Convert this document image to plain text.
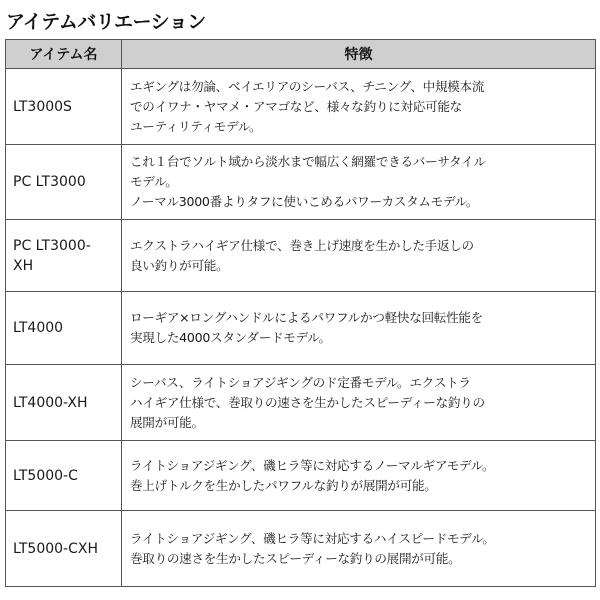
アイテムバリエーション
アイテム名	特徴
LT3000S	エギングは勿論、ベイエリアのシーバス、チニング、中規模本流
でのイワナ・ヤマメ・アマゴなど、様々な釣りに対応可能な
ユーティリティモデル。

PC LT3000	これ１台でソルト域から淡水まで幅広く網羅できるバーサタイル
モデル。
ノーマル3000番よりタフに使いこめるパワーカスタムモデル。

PC LT3000-
XH	エクストラハイギア仕様で、巻き上げ速度を生かした手返しの
良い釣りが可能。

LT4000	ローギア×ロングハンドルによるパワフルかつ軽快な回転性能を
実現した4000スタンダードモデル。

LT4000-XH	シーバス、ライトショアジギングのド定番モデル。エクストラ
ハイギア仕様で、巻取りの速さを生かしたスピーディーな釣りの
展開が可能。

LT5000-C	ライトショアジギング、磯ヒラ等に対応するノーマルギアモデル。
巻上げトルクを生かしたパワフルな釣りが展開が可能。

LT5000-CXH	ライトショアジギング、磯ヒラ等に対応するハイスピードモデル。
巻取りの速さを生かしたスピーディーな釣りの展開が可能。
